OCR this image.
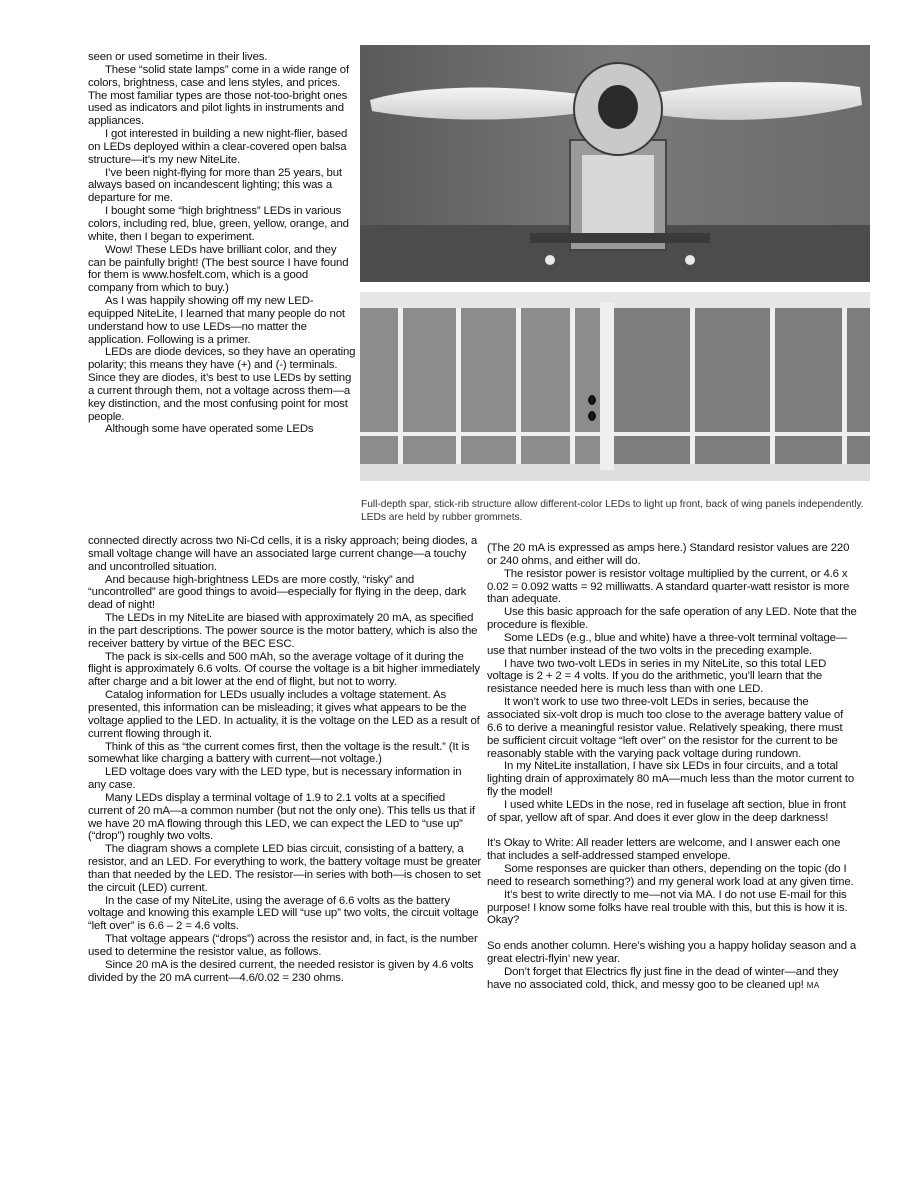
Full-depth spar, stick-rib structure allow different-color LEDs to light up front, back of wing panels independently. LEDs are held by rubber grommets.

seen or used sometime in their lives.

These “solid state lamps” come in a wide range of colors, brightness, case and lens styles, and prices. The most familiar types are those not-too-bright ones used as indicators and pilot lights in instruments and appliances.

I got interested in building a new night-flier, based on LEDs deployed within a clear-covered open balsa structure—it’s my new NiteLite.

I’ve been night-flying for more than 25 years, but always based on incandescent lighting; this was a departure for me.

I bought some “high brightness” LEDs in various colors, including red, blue, green, yellow, orange, and white, then I began to experiment.

Wow! These LEDs have brilliant color, and they can be painfully bright! (The best source I have found for them is www.hosfelt.com, which is a good company from which to buy.)

As I was happily showing off my new LED-equipped NiteLite, I learned that many people do not understand how to use LEDs—no matter the application. Following is a primer.

LEDs are diode devices, so they have an operating polarity; this means they have (+) and (-) terminals. Since they are diodes, it’s best to use LEDs by setting a current through them, not a voltage across them—a key distinction, and the most confusing point for most people.

Although some have operated some LEDs

connected directly across two Ni-Cd cells, it is a risky approach; being diodes, a small voltage change will have an associated large current change—a touchy and uncontrolled situation.

And because high-brightness LEDs are more costly, “risky” and “uncontrolled” are good things to avoid—especially for flying in the deep, dark dead of night!

The LEDs in my NiteLite are biased with approximately 20 mA, as specified in the part descriptions. The power source is the motor battery, which is also the receiver battery by virtue of the BEC ESC.

The pack is six-cells and 500 mAh, so the average voltage of it during the flight is approximately 6.6 volts. Of course the voltage is a bit higher immediately after charge and a bit lower at the end of flight, but not to worry.

Catalog information for LEDs usually includes a voltage statement. As presented, this information can be misleading; it gives what appears to be the voltage applied to the LED. In actuality, it is the voltage on the LED as a result of current flowing through it.

Think of this as “the current comes first, then the voltage is the result.” (It is somewhat like charging a battery with current—not voltage.)

LED voltage does vary with the LED type, but is necessary information in any case.

Many LEDs display a terminal voltage of 1.9 to 2.1 volts at a specified current of 20 mA—a common number (but not the only one). This tells us that if we have 20 mA flowing through this LED, we can expect the LED to “use up” (“drop”) roughly two volts.

The diagram shows a complete LED bias circuit, consisting of a battery, a resistor, and an LED. For everything to work, the battery voltage must be greater than that needed by the LED. The resistor—in series with both—is chosen to set the circuit (LED) current.

In the case of my NiteLite, using the average of 6.6 volts as the battery voltage and knowing this example LED will “use up” two volts, the circuit voltage “left over” is 6.6 – 2 = 4.6 volts.

That voltage appears (“drops”) across the resistor and, in fact, is the number used to determine the resistor value, as follows.

Since 20 mA is the desired current, the needed resistor is given by 4.6 volts divided by the 20 mA current—4.6/0.02 = 230 ohms.

(The 20 mA is expressed as amps here.) Standard resistor values are 220 or 240 ohms, and either will do.

The resistor power is resistor voltage multiplied by the current, or 4.6 x 0.02 = 0.092 watts = 92 milliwatts. A standard quarter-watt resistor is more than adequate.

Use this basic approach for the safe operation of any LED. Note that the procedure is flexible.

Some LEDs (e.g., blue and white) have a three-volt terminal voltage—use that number instead of the two volts in the preceding example.

I have two two-volt LEDs in series in my NiteLite, so this total LED voltage is 2 + 2 = 4 volts. If you do the arithmetic, you’ll learn that the resistance needed here is much less than with one LED.

It won’t work to use two three-volt LEDs in series, because the associated six-volt drop is much too close to the average battery value of 6.6 to derive a meaningful resistor value. Relatively speaking, there must be sufficient circuit voltage “left over” on the resistor for the current to be reasonably stable with the varying pack voltage during rundown.

In my NiteLite installation, I have six LEDs in four circuits, and a total lighting drain of approximately 80 mA—much less than the motor current to fly the model!

I used white LEDs in the nose, red in fuselage aft section, blue in front of spar, yellow aft of spar. And does it ever glow in the deep darkness!

It’s Okay to Write: All reader letters are welcome, and I answer each one that includes a self-addressed stamped envelope.

Some responses are quicker than others, depending on the topic (do I need to research something?) and my general work load at any given time.

It’s best to write directly to me—not via MA. I do not use E-mail for this purpose! I know some folks have real trouble with this, but this is how it is. Okay?

So ends another column. Here’s wishing you a happy holiday season and a great electri-flyin’ new year.

Don’t forget that Electrics fly just fine in the dead of winter—and they have no associated cold, thick, and messy goo to be cleaned up! MA
